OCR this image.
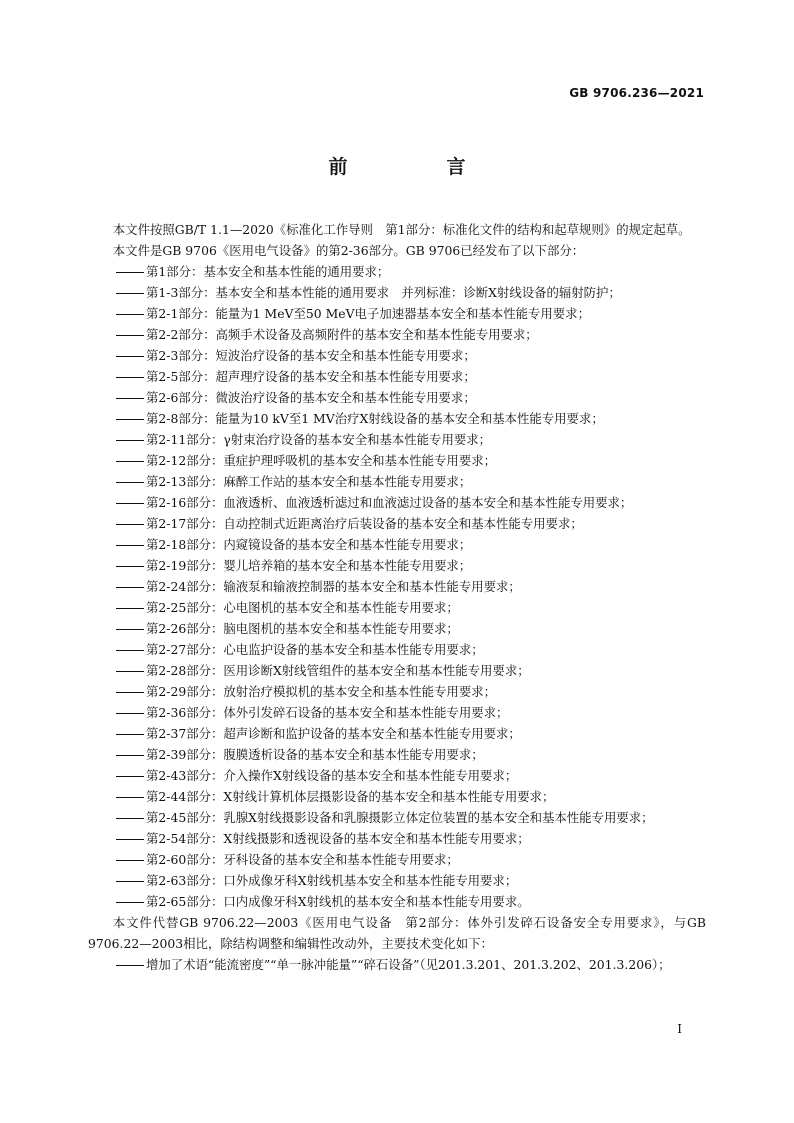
GB 9706.236—2021
前　言
本文件按照GB/T 1.1—2020《标准化工作导则　第1部分：标准化文件的结构和起草规则》的规定起草。
本文件是GB 9706《医用电气设备》的第2-36部分。GB 9706已经发布了以下部分：
第1部分：基本安全和基本性能的通用要求；
第1-3部分：基本安全和基本性能的通用要求　并列标准：诊断X射线设备的辐射防护；
第2-1部分：能量为1 MeV至50 MeV电子加速器基本安全和基本性能专用要求；
第2-2部分：高频手术设备及高频附件的基本安全和基本性能专用要求；
第2-3部分：短波治疗设备的基本安全和基本性能专用要求；
第2-5部分：超声理疗设备的基本安全和基本性能专用要求；
第2-6部分：微波治疗设备的基本安全和基本性能专用要求；
第2-8部分：能量为10 kV至1 MV治疗X射线设备的基本安全和基本性能专用要求；
第2-11部分：γ射束治疗设备的基本安全和基本性能专用要求；
第2-12部分：重症护理呼吸机的基本安全和基本性能专用要求；
第2-13部分：麻醉工作站的基本安全和基本性能专用要求；
第2-16部分：血液透析、血液透析滤过和血液滤过设备的基本安全和基本性能专用要求；
第2-17部分：自动控制式近距离治疗后装设备的基本安全和基本性能专用要求；
第2-18部分：内窥镜设备的基本安全和基本性能专用要求；
第2-19部分：婴儿培养箱的基本安全和基本性能专用要求；
第2-24部分：输液泵和输液控制器的基本安全和基本性能专用要求；
第2-25部分：心电图机的基本安全和基本性能专用要求；
第2-26部分：脑电图机的基本安全和基本性能专用要求；
第2-27部分：心电监护设备的基本安全和基本性能专用要求；
第2-28部分：医用诊断X射线管组件的基本安全和基本性能专用要求；
第2-29部分：放射治疗模拟机的基本安全和基本性能专用要求；
第2-36部分：体外引发碎石设备的基本安全和基本性能专用要求；
第2-37部分：超声诊断和监护设备的基本安全和基本性能专用要求；
第2-39部分：腹膜透析设备的基本安全和基本性能专用要求；
第2-43部分：介入操作X射线设备的基本安全和基本性能专用要求；
第2-44部分：X射线计算机体层摄影设备的基本安全和基本性能专用要求；
第2-45部分：乳腺X射线摄影设备和乳腺摄影立体定位装置的基本安全和基本性能专用要求；
第2-54部分：X射线摄影和透视设备的基本安全和基本性能专用要求；
第2-60部分：牙科设备的基本安全和基本性能专用要求；
第2-63部分：口外成像牙科X射线机基本安全和基本性能专用要求；
第2-65部分：口内成像牙科X射线机的基本安全和基本性能专用要求。
本文件代替GB 9706.22—2003《医用电气设备　第2部分：体外引发碎石设备安全专用要求》，与GB 9706.22—2003相比，除结构调整和编辑性改动外，主要技术变化如下：
增加了术语“能流密度”“单一脉冲能量”“碎石设备”（见201.3.201、201.3.202、201.3.206）；
I
